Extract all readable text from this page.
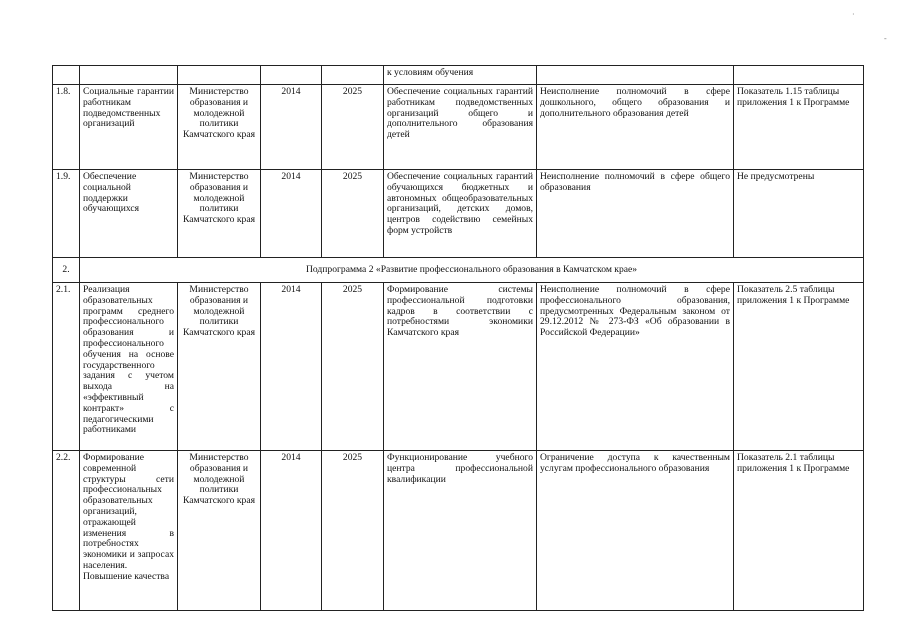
·
-
					к условиям обучения		
1.8.	Социальные гарантии работникам подведомственных организаций	Министерство образования и молодежной политики Камчатского края	2014	2025	Обеспечение социальных гарантий работникам подведомственных организаций общего и дополнительного образования детей	Неисполнение полномочий в сфере дошкольного, общего образования и дополнительного образования детей	Показатель 1.15 таблицы приложения 1 к Программе
1.9.	Обеспечение социальной поддержки обучающихся	Министерство образования и молодежной политики Камчатского края	2014	2025	Обеспечение социальных гарантий обучающихся бюджетных и автономных общеобразовательных организаций, детских домов, центров содействию семейных форм устройств	Неисполнение полномочий в сфере общего образования	Не предусмотрены
2.	Подпрограмма 2 «Развитие профессионального образования в Камчатском крае»						
2.1.	Реализация образовательных программ среднего профессионального образования и профессионального обучения на основе государственного задания с учетом выхода на «эффективный контракт» с педагогическими работниками	Министерство образования и молодежной политики Камчатского края	2014	2025	Формирование системы профессиональной подготовки кадров в соответствии с потребностями экономики Камчатского края	Неисполнение полномочий в сфере профессионального образования, предусмотренных Федеральным законом от 29.12.2012 № 273-ФЗ «Об образовании в Российской Федерации»	Показатель 2.5 таблицы приложения 1 к Программе
2.2.	Формирование современной структуры сети профессиональных образовательных организаций, отражающей изменения в потребностях экономики и запросах населения. Повышение качества	Министерство образования и молодежной политики Камчатского края	2014	2025	Функционирование учебного центра профессиональной квалификации	Ограничение доступа к качественным услугам профессионального образования	Показатель 2.1 таблицы приложения 1 к Программе
